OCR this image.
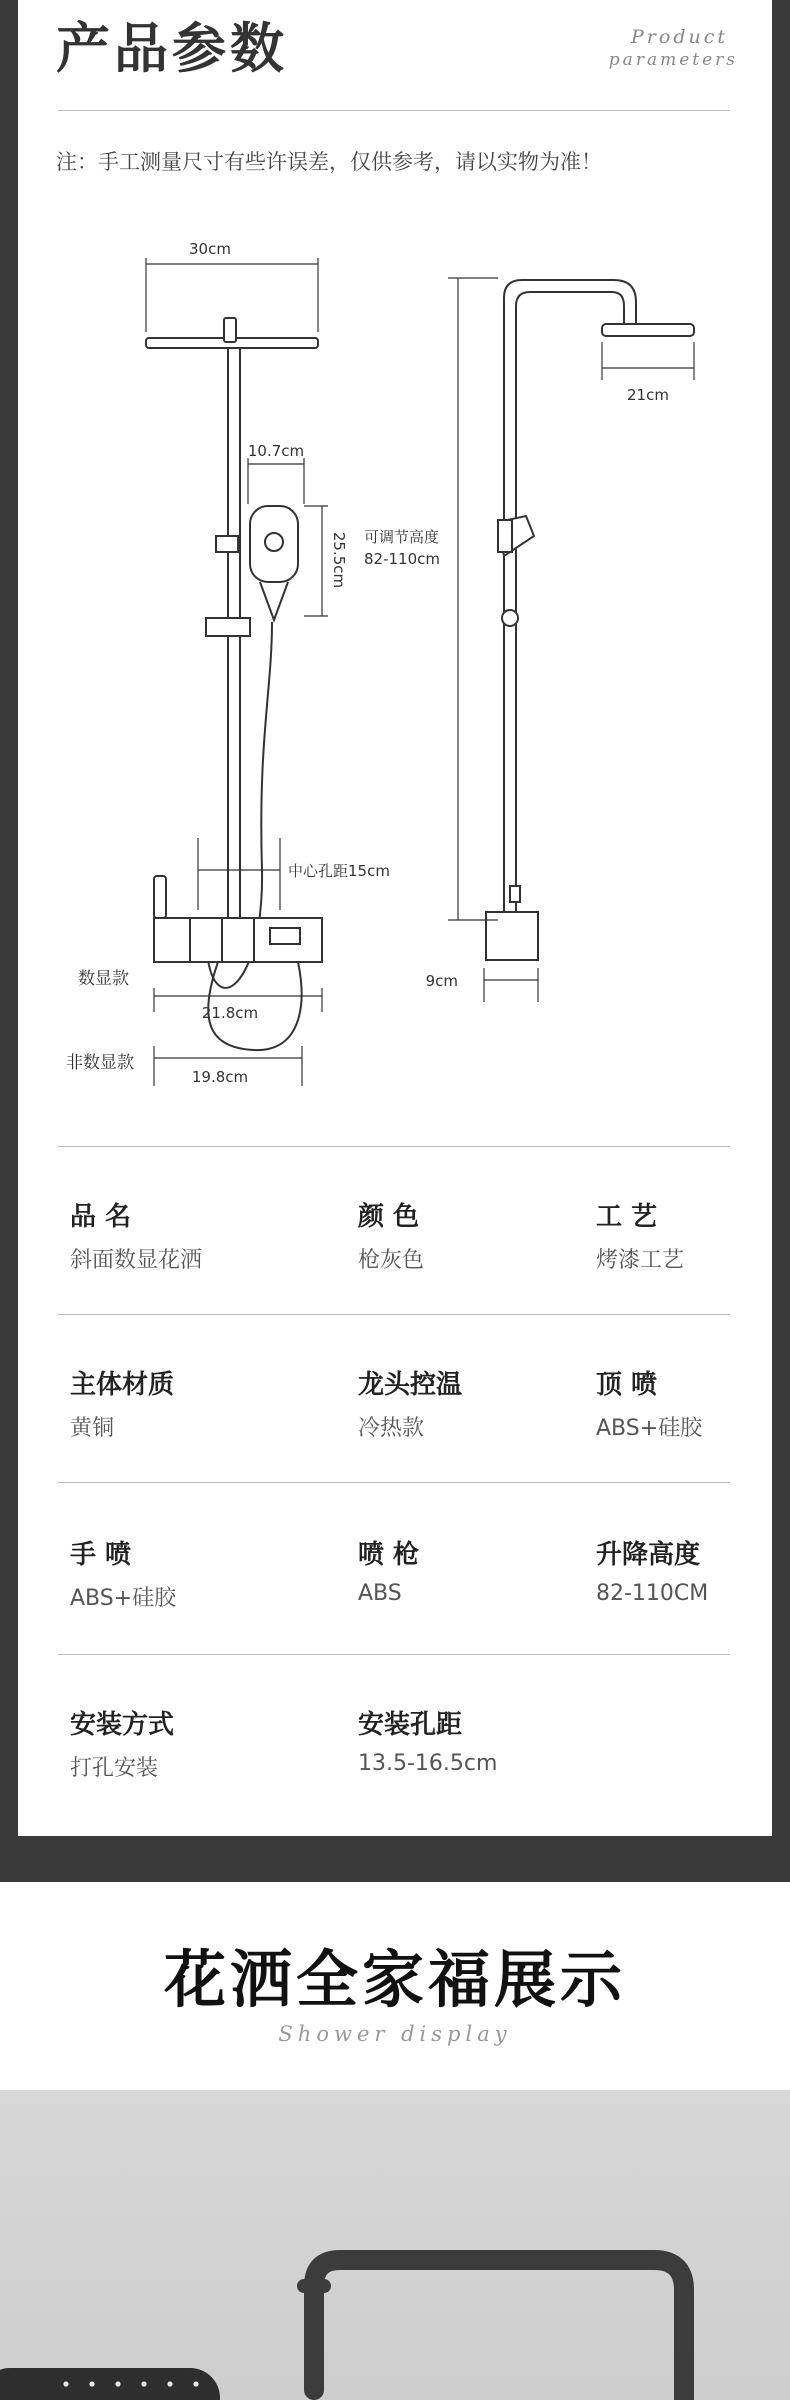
产品参数	Product
parameters
注：手工测量尺寸有些许误差，仅供参考，请以实物为准！
30cm
10.7cm
25.5cm 可调节高度
82-110cm
21cm
中心孔距15cm
9cm
21.8cm
数显款
非数显款
19.8cm
品 名
斜面数显花洒
颜 色
枪灰色
工 艺
烤漆工艺
主体材质
黄铜
龙头控温
冷热款
顶 喷
ABS+硅胶
手 喷
ABS+硅胶
喷 枪
ABS
升降高度
82-110CM
安装方式
打孔安装
安装孔距
13.5-16.5cm
花洒全家福展示
Shower display
